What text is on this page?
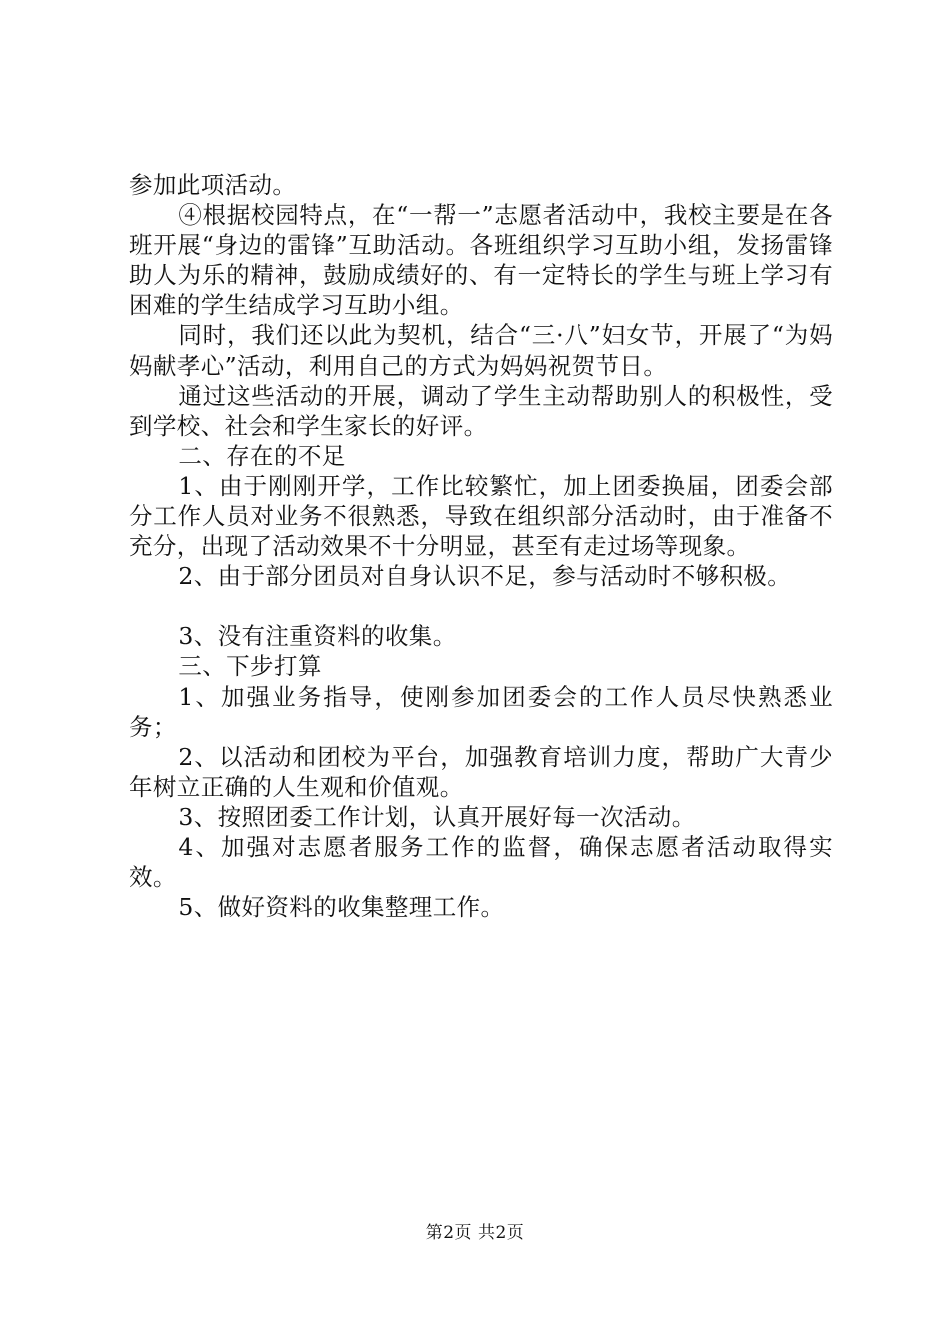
参加此项活动。

④根据校园特点，在“一帮一”志愿者活动中，我校主要是在各班开展“身边的雷锋”互助活动。各班组织学习互助小组，发扬雷锋助人为乐的精神，鼓励成绩好的、有一定特长的学生与班上学习有困难的学生结成学习互助小组。

同时，我们还以此为契机，结合“三·八”妇女节，开展了“为妈妈献孝心”活动，利用自己的方式为妈妈祝贺节日。

通过这些活动的开展，调动了学生主动帮助别人的积极性，受到学校、社会和学生家长的好评。

二、存在的不足

1、由于刚刚开学，工作比较繁忙，加上团委换届，团委会部分工作人员对业务不很熟悉，导致在组织部分活动时，由于准备不充分，出现了活动效果不十分明显，甚至有走过场等现象。

2、由于部分团员对自身认识不足，参与活动时不够积极。

3、没有注重资料的收集。

三、下步打算

1、加强业务指导，使刚参加团委会的工作人员尽快熟悉业务；

2、以活动和团校为平台，加强教育培训力度，帮助广大青少年树立正确的人生观和价值观。

3、按照团委工作计划，认真开展好每一次活动。

4、加强对志愿者服务工作的监督，确保志愿者活动取得实效。

5、做好资料的收集整理工作。

第2页 共2页
